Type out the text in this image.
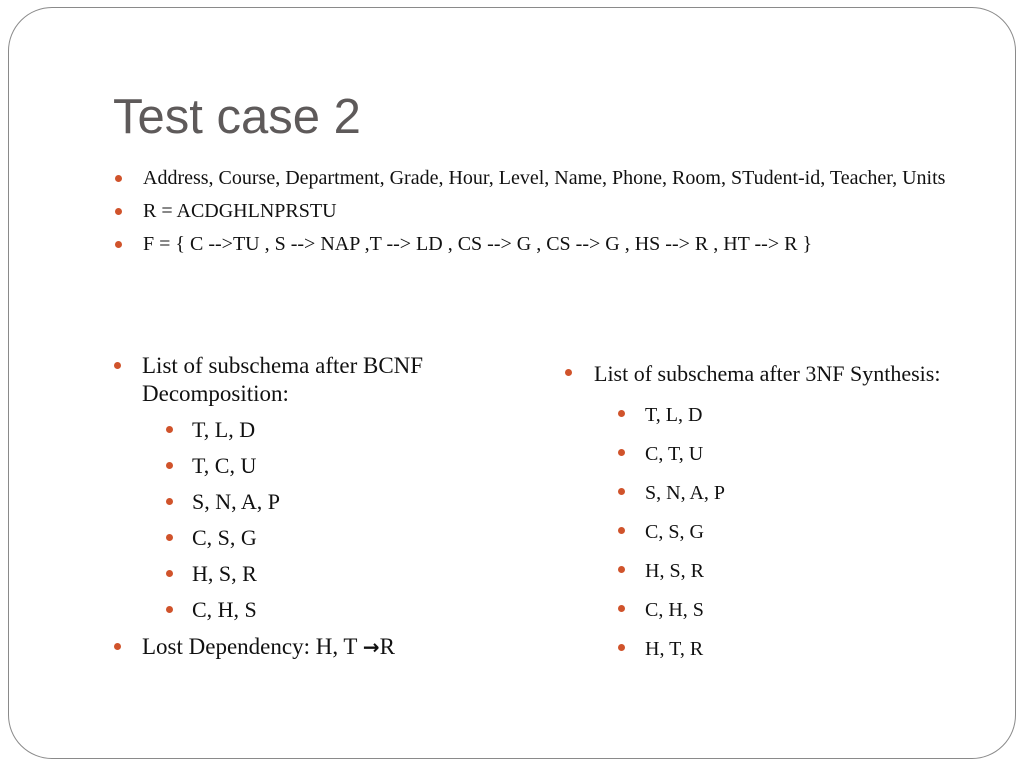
Test case 2
Address, Course, Department, Grade, Hour, Level, Name, Phone, Room, STudent-id, Teacher, Units
R = ACDGHLNPRSTU
F = { C -->TU , S --> NAP ,T --> LD , CS --> G , CS --> G , HS --> R , HT --> R }
List of subschema after BCNF Decomposition:
T, L, D
T, C, U
S, N, A, P
C, S, G
H, S, R
C, H, S
Lost Dependency: H, T →R
List of subschema after 3NF Synthesis:
T, L, D
C, T, U
S, N, A, P
C, S, G
H, S, R
C, H, S
H, T, R
